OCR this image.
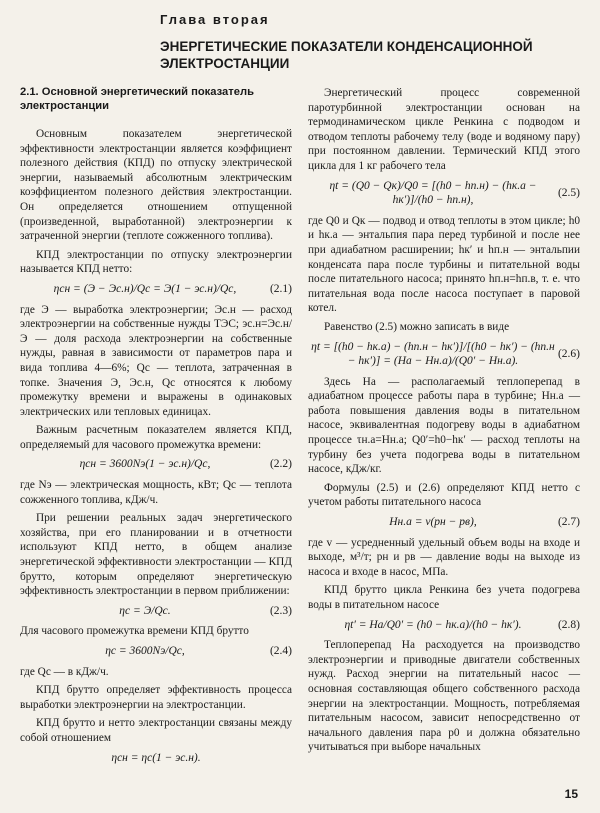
Глава вторая
ЭНЕРГЕТИЧЕСКИЕ ПОКАЗАТЕЛИ КОНДЕНСАЦИОННОЙ ЭЛЕКТРОСТАНЦИИ
2.1. Основной энергетический показатель электростанции

Основным показателем энергетической эффективности электростанции является коэффициент полезного действия (КПД) по отпуску электрической энергии, называемый абсолютным электрическим коэффициентом полезного действия электростанции. Он определяется отношением отпущенной (произведенной, выработанной) электроэнергии к затраченной энергии (теплоте сожженного топлива).

КПД электростанции по отпуску электроэнергии называется КПД нетто:

ηсн = (Э − Эс.н)/Qс = Э(1 − эс.н)/Qс,	(2.1)

где Э — выработка электроэнергии; Эс.н — расход электроэнергии на собственные нужды ТЭС; эс.н=Эс.н/Э — доля расхода электроэнергии на собственные нужды, равная в зависимости от параметров пара и вида топлива 4—6%; Qс — теплота, затраченная в топке. Значения Э, Эс.н, Qс относятся к любому промежутку времени и выражены в одинаковых электрических или тепловых единицах.

Важным расчетным показателем является КПД, определяемый для часового промежутка времени:

ηсн = 3600Nэ(1 − эс.н)/Qс,	(2.2)

где Nэ — электрическая мощность, кВт; Qс — теплота сожженного топлива, кДж/ч.

При решении реальных задач энергетического хозяйства, при его планировании и в отчетности используют КПД нетто, в общем анализе энергетической эффективности электростанции — КПД брутто, которым определяют энергетическую эффективность электростанции в первом приближении:

ηс = Э/Qс.	(2.3)

Для часового промежутка времени КПД брутто

ηс = 3600Nэ/Qс,	(2.4)

где Qс — в кДж/ч.

КПД брутто определяет эффективность процесса выработки электроэнергии на электростанции.

КПД брутто и нетто электростанции связаны между собой отношением

ηсн = ηс(1 − эс.н).

Энергетический процесс современной паротурбинной электростанции основан на термодинамическом цикле Ренкина с подводом и отводом теплоты рабочему телу (воде и водяному пару) при постоянном давлении. Термический КПД этого цикла для 1 кг рабочего тела

ηt = (Q0 − Qк)/Q0 = [(h0 − hп.н) − (hк.а − hк′)]/(h0 − hп.н),
(2.5)

где Q0 и Qк — подвод и отвод теплоты в этом цикле; h0 и hк.а — энтальпия пара перед турбиной и после нее при адиабатном расширении; hк′ и hп.н — энтальпии конденсата пара после турбины и питательной воды после питательного насоса; принято hп.н=hп.в, т. е. что питательная вода после насоса поступает в паровой котел.

Равенство (2.5) можно записать в виде

ηt = [(h0 − hк.а) − (hп.н − hк′)]/[(h0 − hк′) − (hп.н − hк′)] = (Hа − Hн.а)/(Q0′ − Hн.а).
(2.6)

Здесь Hа — располагаемый теплоперепад в адиабатном процессе работы пара в турбине; Hн.а — работа повышения давления воды в питательном насосе, эквивалентная подогреву воды в адиабатном процессе τн.а=Hн.а; Q0′=h0−hк′ — расход теплоты на турбину без учета подогрева воды в питательном насосе, кДж/кг.

Формулы (2.5) и (2.6) определяют КПД нетто с учетом работы питательного насоса

Hн.а = v(pн − pв),	(2.7)

где v — усредненный удельный объем воды на входе и выходе, м³/т; pн и pв — давление воды на выходе из насоса и входе в насос, МПа.

КПД брутто цикла Ренкина без учета подогрева воды в питательном насосе

ηt′ = Hа/Q0′ = (h0 − hк.а)/(h0 − hк′).	(2.8)

Теплоперепад Hа расходуется на производство электроэнергии и приводные двигатели собственных нужд. Расход энергии на питательный насос — основная составляющая общего собственного расхода энергии на электростанции. Мощность, потребляемая питательным насосом, зависит непосредственно от начального давления пара p0 и должна обязательно учитываться при выборе начальных

15
